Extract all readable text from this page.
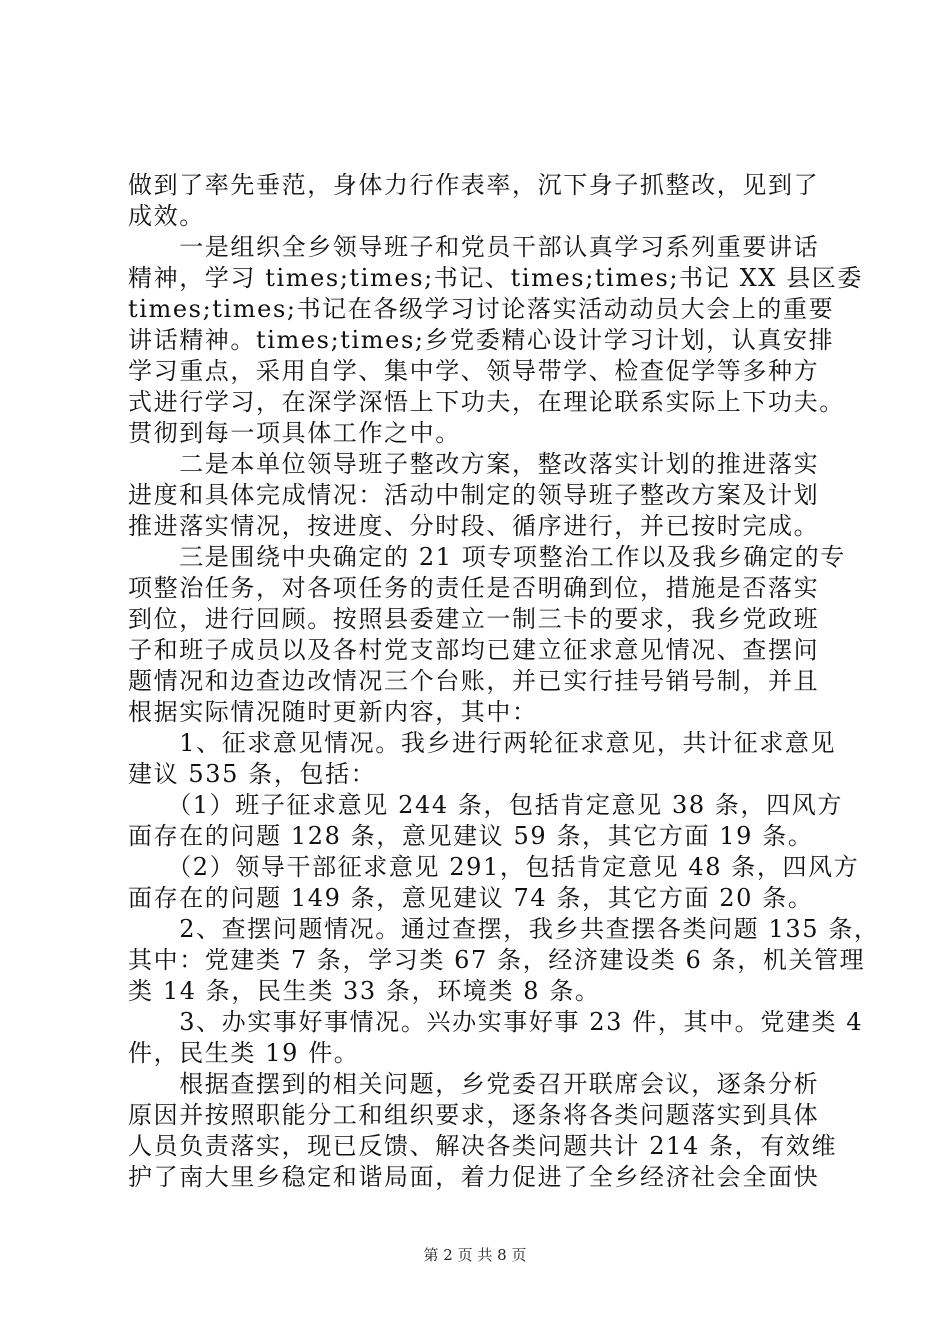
做到了率先垂范，身体力行作表率，沉下身子抓整改，见到了
成效。
　　一是组织全乡领导班子和党员干部认真学习系列重要讲话
精神，学习 times;times;书记、times;times;书记 XX 县区委
times;times;书记在各级学习讨论落实活动动员大会上的重要
讲话精神。times;times;乡党委精心设计学习计划，认真安排
学习重点，采用自学、集中学、领导带学、检查促学等多种方
式进行学习，在深学深悟上下功夫，在理论联系实际上下功夫。
贯彻到每一项具体工作之中。
　　二是本单位领导班子整改方案，整改落实计划的推进落实
进度和具体完成情况：活动中制定的领导班子整改方案及计划
推进落实情况，按进度、分时段、循序进行，并已按时完成。
　　三是围绕中央确定的 21 项专项整治工作以及我乡确定的专
项整治任务，对各项任务的责任是否明确到位，措施是否落实
到位，进行回顾。按照县委建立一制三卡的要求，我乡党政班
子和班子成员以及各村党支部均已建立征求意见情况、查摆问
题情况和边查边改情况三个台账，并已实行挂号销号制，并且
根据实际情况随时更新内容，其中：
　　1、征求意见情况。我乡进行两轮征求意见，共计征求意见
建议 535 条，包括：
　　（1）班子征求意见 244 条，包括肯定意见 38 条，四风方
面存在的问题 128 条，意见建议 59 条，其它方面 19 条。
　　（2）领导干部征求意见 291，包括肯定意见 48 条，四风方
面存在的问题 149 条，意见建议 74 条，其它方面 20 条。
　　2、查摆问题情况。通过查摆，我乡共查摆各类问题 135 条，
其中：党建类 7 条，学习类 67 条，经济建设类 6 条，机关管理
类 14 条，民生类 33 条，环境类 8 条。
　　3、办实事好事情况。兴办实事好事 23 件，其中。党建类 4
件，民生类 19 件。
　　根据查摆到的相关问题，乡党委召开联席会议，逐条分析
原因并按照职能分工和组织要求，逐条将各类问题落实到具体
人员负责落实，现已反馈、解决各类问题共计 214 条，有效维
护了南大里乡稳定和谐局面，着力促进了全乡经济社会全面快
第 2 页 共 8 页
